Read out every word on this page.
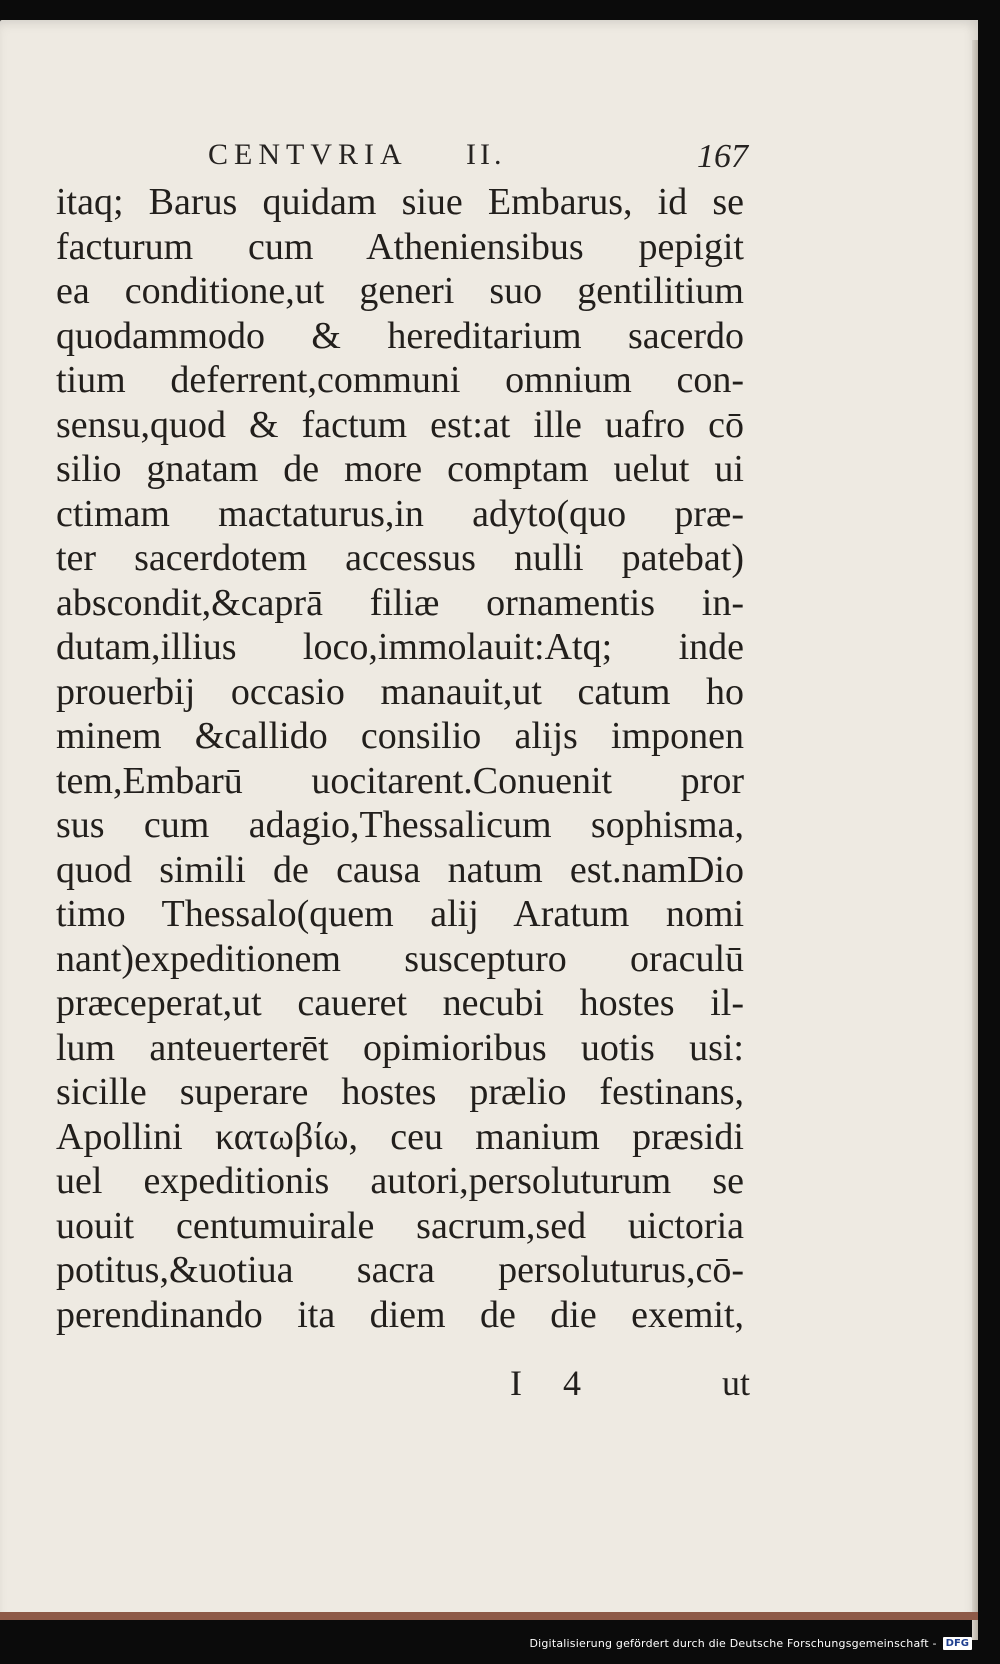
CENTVRIA II.	167
itaq; Barus quidam siue Embarus, id se
facturum cum Atheniensibus pepigit
ea conditione,ut generi suo gentilitium
quodammodo & hereditarium sacerdo
tium deferrent,communi omnium con-
sensu,quod & factum est:at ille uafro cō
silio gnatam de more comptam uelut ui
ctimam mactaturus,in adyto(quo præ-
ter sacerdotem accessus nulli patebat)
abscondit,&caprā filiæ ornamentis in-
dutam,illius loco,immolauit:Atq; inde
prouerbij occasio manauit,ut catum ho
minem &callido consilio alijs imponen
tem,Embarū uocitarent.Conuenit pror
sus cum adagio,Thessalicum sophisma,
quod simili de causa natum est.namDio
timo Thessalo(quem alij Aratum nomi
nant)expeditionem suscepturo oraculū
præceperat,ut caueret necubi hostes il-
lum anteuerterēt opimioribus uotis usi:
sicille superare hostes prælio festinans,
Apollini κατωβίω, ceu manium præsidi
uel expeditionis autori,persoluturum se
uouit centumuirale sacrum,sed uictoria
potitus,&uotiua sacra persoluturus,cō-
perendinando ita diem de die exemit,
I 4	ut
Digitalisierung gefördert durch die Deutsche Forschungsgemeinschaft - DFG
